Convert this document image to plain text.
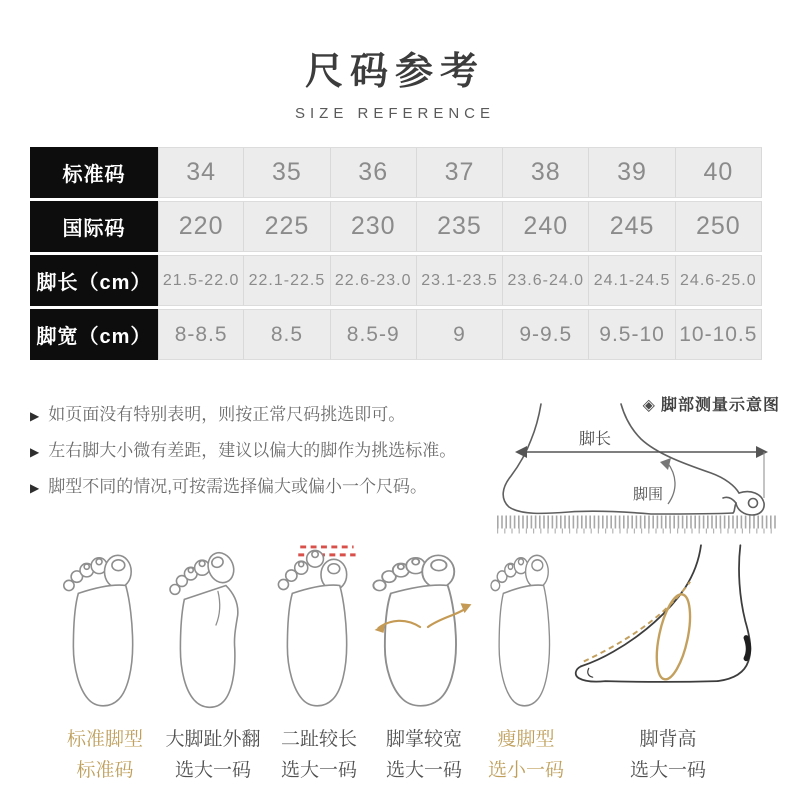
尺码参考
SIZE REFERENCE
标准码	34	35	36	37	38	39	40
国际码	220	225	230	235	240	245	250
脚长（cm） 21.5-22.0 22.1-22.5 22.6-23.0 23.1-23.5 23.6-24.0 24.1-24.5 24.6-25.0
脚宽（cm）	8-8.5	8.5	8.5-9	9	9-9.5	9.5-10 10-10.5
▶ 如页面没有特别表明，则按正常尺码挑选即可。
▶ 左右脚大小微有差距，建议以偏大的脚作为挑选标准。
▶ 脚型不同的情况,可按需选择偏大或偏小一个尺码。
脚长
脚围
◈ 脚部测量示意图
标准脚型
标准码
大脚趾外翻
选大一码
二趾较长
选大一码
脚掌较宽
选大一码
瘦脚型
选小一码
脚背高
选大一码
